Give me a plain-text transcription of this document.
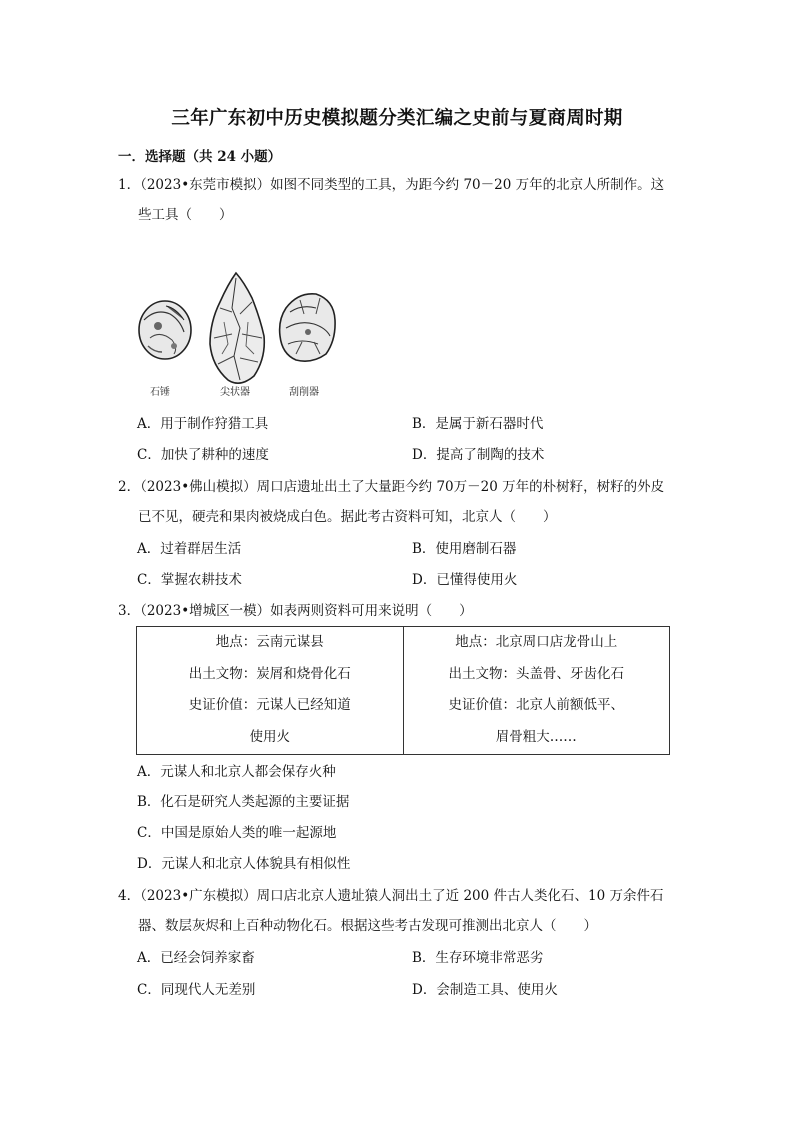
三年广东初中历史模拟题分类汇编之史前与夏商周时期
一．选择题（共 24 小题）
1．（2023•东莞市模拟）如图不同类型的工具，为距今约 70－20 万年的北京人所制作。这
些工具（　　）
石锤	尖状器	刮削器
A．用于制作狩猎工具	B．是属于新石器时代
C．加快了耕种的速度	D．提高了制陶的技术
2．（2023•佛山模拟）周口店遗址出土了大量距今约 70万－20 万年的朴树籽，树籽的外皮
已不见，硬壳和果肉被烧成白色。据此考古资料可知，北京人（　　）
A．过着群居生活	B．使用磨制石器
C．掌握农耕技术	D．已懂得使用火
3．（2023•增城区一模）如表两则资料可用来说明（　　）
地点：云南元谋县
出土文物：炭屑和烧骨化石
史证价值：元谋人已经知道
使用火

地点：北京周口店龙骨山上
出土文物：头盖骨、牙齿化石
史证价值：北京人前额低平、
眉骨粗大……
A．元谋人和北京人都会保存火种
B．化石是研究人类起源的主要证据
C．中国是原始人类的唯一起源地
D．元谋人和北京人体貌具有相似性
4．（2023•广东模拟）周口店北京人遗址猿人洞出土了近 200 件古人类化石、10 万余件石
器、数层灰烬和上百种动物化石。根据这些考古发现可推测出北京人（　　）
A．已经会饲养家畜	B．生存环境非常恶劣
C．同现代人无差别	D．会制造工具、使用火
